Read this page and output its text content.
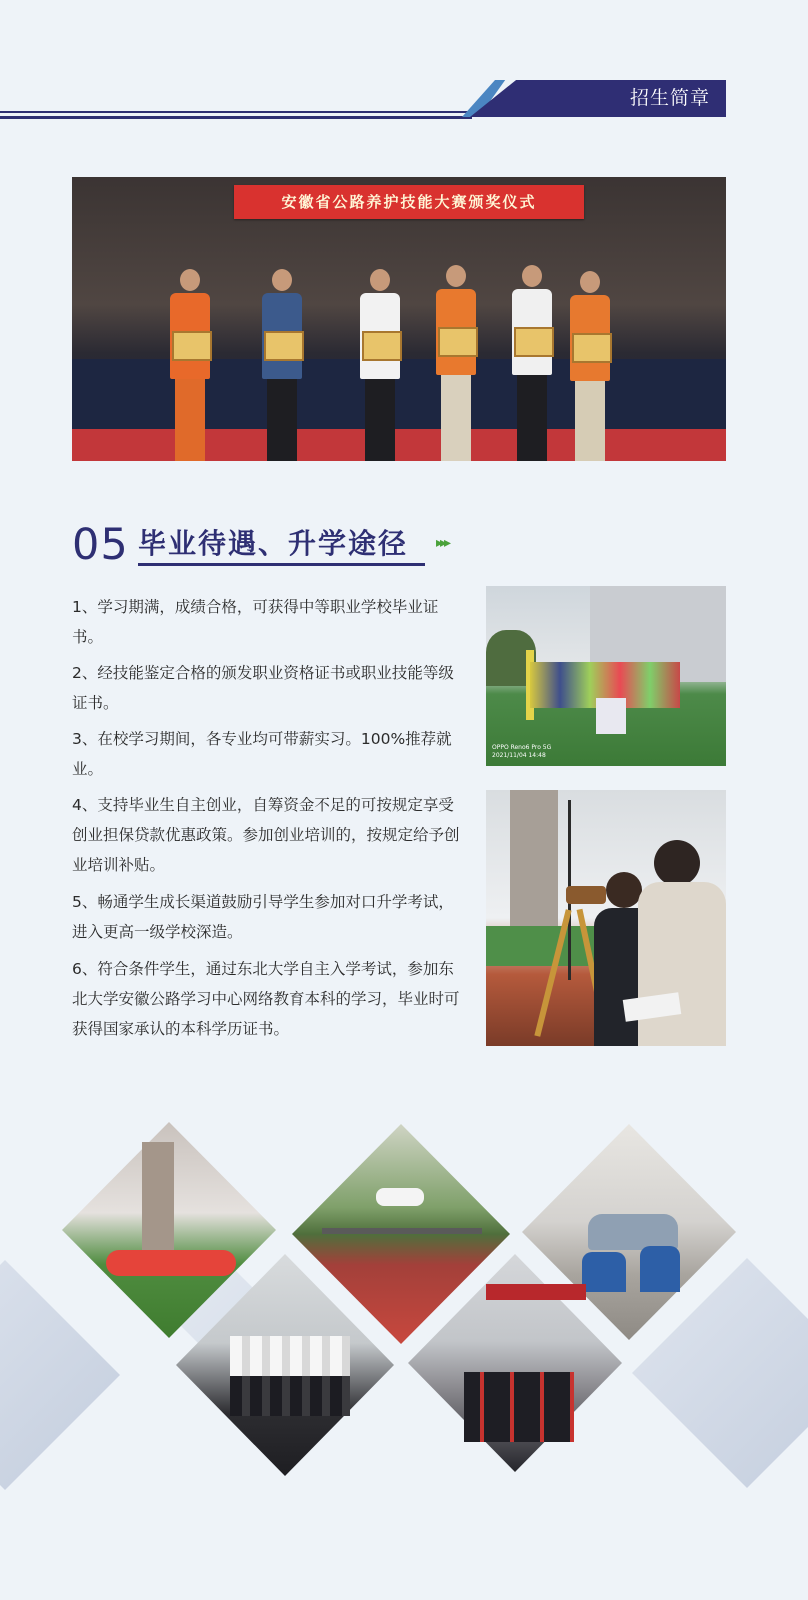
招生简章
安徽省公路养护技能大赛颁奖仪式
05 毕业待遇、升学途径 ▸▸▸

1、学习期满，成绩合格，可获得中等职业学校毕业证书。

2、经技能鉴定合格的颁发职业资格证书或职业技能等级证书。

3、在校学习期间，各专业均可带薪实习。100%推荐就业。

4、支持毕业生自主创业，自筹资金不足的可按规定享受创业担保贷款优惠政策。参加创业培训的，按规定给予创业培训补贴。

5、畅通学生成长渠道鼓励引导学生参加对口升学考试，进入更高一级学校深造。

6、符合条件学生，通过东北大学自主入学考试，参加东北大学安徽公路学习中心网络教育本科的学习，毕业时可获得国家承认的本科学历证书。

OPPO Reno6 Pro 5G
2021/11/04 14:48
